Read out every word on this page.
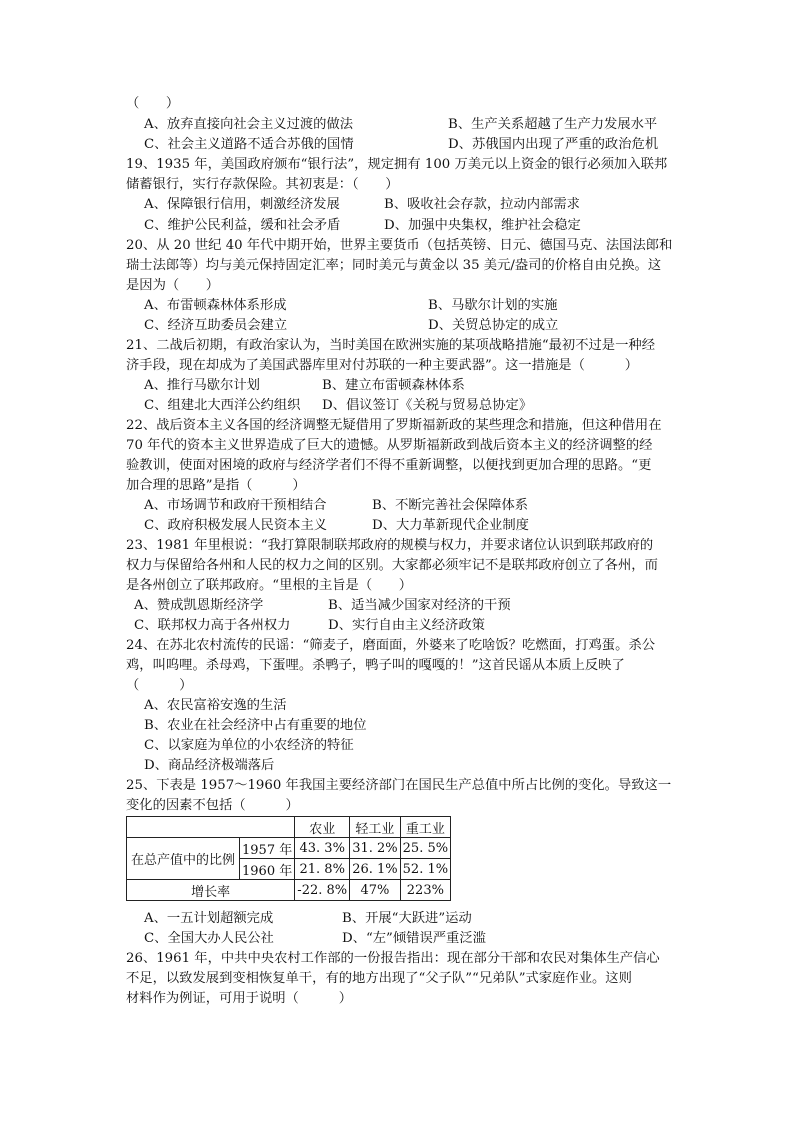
（　　）
A、放弃直接向社会主义过渡的做法	B、生产关系超越了生产力发展水平
C、社会主义道路不适合苏俄的国情	D、苏俄国内出现了严重的政治危机
19、1935 年，美国政府颁布“银行法”，规定拥有 100 万美元以上资金的银行必须加入联邦
储蓄银行，实行存款保险。其初衷是：（　　）
A、保障银行信用，刺激经济发展	B、吸收社会存款，拉动内部需求
C、维护公民利益，缓和社会矛盾	D、加强中央集权，维护社会稳定
20、从 20 世纪 40 年代中期开始，世界主要货币（包括英镑、日元、德国马克、法国法郎和
瑞士法郎等）均与美元保持固定汇率；同时美元与黄金以 35 美元/盎司的价格自由兑换。这
是因为（　　）
A、布雷顿森林体系形成	B、马歇尔计划的实施
C、经济互助委员会建立	D、关贸总协定的成立
21、二战后初期，有政治家认为，当时美国在欧洲实施的某项战略措施“最初不过是一种经
济手段，现在却成为了美国武器库里对付苏联的一种主要武器”。这一措施是（　　　）
A、推行马歇尔计划	B、建立布雷顿森林体系
C、组建北大西洋公约组织 D、倡议签订《关税与贸易总协定》
22、战后资本主义各国的经济调整无疑借用了罗斯福新政的某些理念和措施，但这种借用在
70 年代的资本主义世界造成了巨大的遗憾。从罗斯福新政到战后资本主义的经济调整的经
验教训，使面对困境的政府与经济学者们不得不重新调整，以便找到更加合理的思路。“更
加合理的思路”是指（　　　）
A、市场调节和政府干预相结合	B、不断完善社会保障体系
C、政府积极发展人民资本主义	D、大力革新现代企业制度
23、1981 年里根说：“我打算限制联邦政府的规模与权力，并要求诸位认识到联邦政府的
权力与保留给各州和人民的权力之间的区别。大家都必须牢记不是联邦政府创立了各州，而
是各州创立了联邦政府。“里根的主旨是（　　）
A、赞成凯恩斯经济学	B、适当减少国家对经济的干预
C、联邦权力高于各州权力	D、实行自由主义经济政策
24、在苏北农村流传的民谣：“筛麦子，磨面面，外婆来了吃啥饭？吃燃面，打鸡蛋。杀公
鸡，叫呜哩。杀母鸡，下蛋哩。杀鸭子，鸭子叫的嘎嘎的！”这首民谣从本质上反映了
（　　　）
A、农民富裕安逸的生活
B、农业在社会经济中占有重要的地位
C、以家庭为单位的小农经济的特征
D、商品经济极端落后
25、下表是 1957～1960 年我国主要经济部门在国民生产总值中所占比例的变化。导致这一
变化的因素不包括（　　　）
		农业	轻工业	重工业
在总产值中的比例	1957 年	43. 3%	31. 2%	25. 5%
	1960 年	21. 8%	26. 1%	52. 1%
增长率		-22. 8%	47%	223%
A、一五计划超额完成	B、开展“大跃进”运动
C、全国大办人民公社	D、“左”倾错误严重泛滥
26、1961 年，中共中央农村工作部的一份报告指出：现在部分干部和农民对集体生产信心
不足，以致发展到变相恢复单干，有的地方出现了“父子队”“兄弟队”式家庭作业。这则
材料作为例证，可用于说明（　　　）
